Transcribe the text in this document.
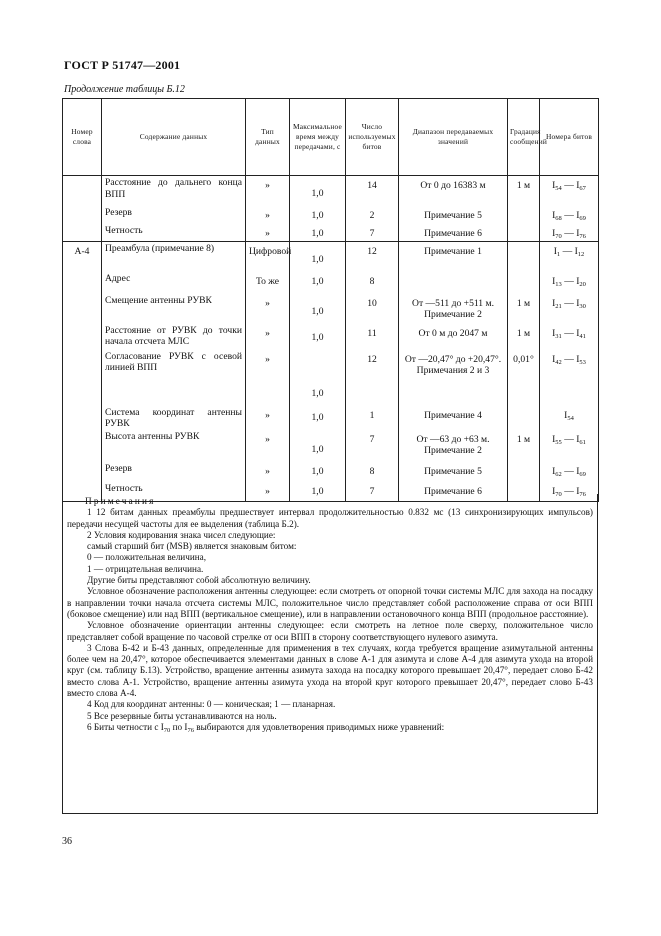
ГОСТ Р 51747—2001
Продолжение таблицы Б.12
Номер слова	Содержание данных	Тип данных	Максимальное время между передачами, с	Число используемых битов	Диапазон передаваемых значений	Градация сообщений	Номера битов
	Расстояние до дальнего конца ВПП	»	1,0	14	От 0 до 16383 м	1 м	$I_{54}$ — $I_{67}$
	Резерв	»	1,0	2	Примечание 5		$I_{68}$ — $I_{69}$
	Четность	»	1,0	7	Примечание 6		$I_{70}$ — $I_{76}$
А-4	Преамбула (примечание 8)	Цифровой	1,0	12	Примечание 1		$I_1$ — $I_{12}$
	Адрес	То же	1,0	8			$I_{13}$ — $I_{20}$
	Смещение антенны РУВК	»	1,0	10	От —511 до +511 м. Примечание 2	1 м	$I_{21}$ — $I_{30}$
	Расстояние от РУВК до точки начала отсчета МЛС	»	1,0	11	От 0 м до 2047 м	1 м	$I_{31}$ — $I_{41}$
	Согласование РУВК с осевой линией ВПП	»	1,0	12	От —20,47° до +20,47°. Примечания 2 и 3	0,01°	$I_{42}$ — $I_{53}$
	Система координат антенны РУВК	»	1,0	1	Примечание 4		$I_{54}$
	Высота антенны РУВК	»	1,0	7	От —63 до +63 м. Примечание 2	1 м	$I_{55}$ — $I_{61}$
	Резерв	»	1,0	8	Примечание 5		$I_{62}$ — $I_{69}$
	Четность	»	1,0	7	Примечание 6		$I_{70}$ — $I_{76}$

Примечания

1 12 битам данных преамбулы предшествует интервал продолжительностью 0.832 мс (13 синхронизирующих импульсов) передачи несущей частоты для ее выделения (таблица Б.2).

2 Условия кодирования знака чисел следующие:

самый старший бит (MSB) является знаковым битом:

0 — положительная величина,

1 — отрицательная величина.

Другие биты представляют собой абсолютную величину.

Условное обозначение расположения антенны следующее: если смотреть от опорной точки системы МЛС для захода на посадку в направлении точки начала отсчета системы МЛС, положительное число представляет собой расположение справа от оси ВПП (боковое смещение) или над ВПП (вертикальное смещение), или в направлении остановочного конца ВПП (продольное расстояние).

Условное обозначение ориентации антенны следующее: если смотреть на летное поле сверху, положительное число представляет собой вращение по часовой стрелке от оси ВПП в сторону соответствующего нулевого азимута.

3 Слова Б-42 и Б-43 данных, определенные для применения в тех случаях, когда требуется вращение азимутальной антенны более чем на 20,47°, которое обеспечивается элементами данных в слове А-1 для азимута и слове А-4 для азимута ухода на второй круг (см. таблицу Б.13). Устройство, вращение антенны азимута захода на посадку которого превышает 20,47°, передает слово Б-42 вместо слова А-1. Устройство, вращение антенны азимута ухода на второй круг которого превышает 20,47°, передает слово Б-43 вместо слова А-4.

4 Код для координат антенны: 0 — коническая; 1 — планарная.

5 Все резервные биты устанавливаются на ноль.

6 Биты четности с $I_{70}$ по $I_{76}$ выбираются для удовлетворения приводимых ниже уравнений:

36
